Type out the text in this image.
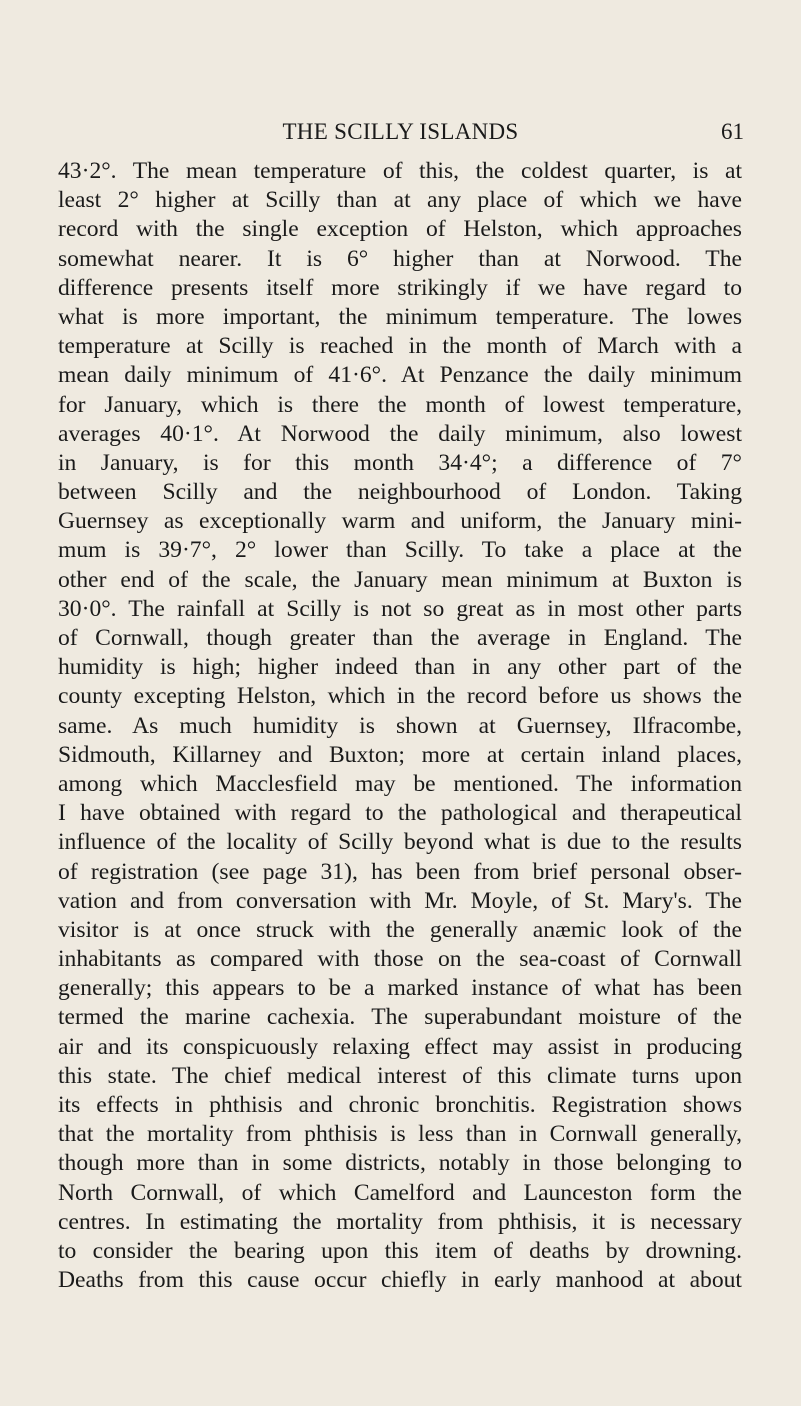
THE SCILLY ISLANDS	61
43·2°. The mean temperature of this, the coldest quarter, is at
least 2° higher at Scilly than at any place of which we have
record with the single exception of Helston, which approaches
somewhat nearer. It is 6° higher than at Norwood. The
difference presents itself more strikingly if we have regard to
what is more important, the minimum temperature. The lowes
temperature at Scilly is reached in the month of March with a
mean daily minimum of 41·6°. At Penzance the daily minimum
for January, which is there the month of lowest temperature,
averages 40·1°. At Norwood the daily minimum, also lowest
in January, is for this month 34·4°; a difference of 7°
between Scilly and the neighbourhood of London. Taking
Guernsey as exceptionally warm and uniform, the January mini-
mum is 39·7°, 2° lower than Scilly. To take a place at the
other end of the scale, the January mean minimum at Buxton is
30·0°. The rainfall at Scilly is not so great as in most other parts
of Cornwall, though greater than the average in England. The
humidity is high; higher indeed than in any other part of the
county excepting Helston, which in the record before us shows the
same. As much humidity is shown at Guernsey, Ilfracombe,
Sidmouth, Killarney and Buxton; more at certain inland places,
among which Macclesfield may be mentioned. The information
I have obtained with regard to the pathological and therapeutical
influence of the locality of Scilly beyond what is due to the results
of registration (see page 31), has been from brief personal obser-
vation and from conversation with Mr. Moyle, of St. Mary's. The
visitor is at once struck with the generally anæmic look of the
inhabitants as compared with those on the sea-coast of Cornwall
generally; this appears to be a marked instance of what has been
termed the marine cachexia. The superabundant moisture of the
air and its conspicuously relaxing effect may assist in producing
this state. The chief medical interest of this climate turns upon
its effects in phthisis and chronic bronchitis. Registration shows
that the mortality from phthisis is less than in Cornwall generally,
though more than in some districts, notably in those belonging to
North Cornwall, of which Camelford and Launceston form the
centres. In estimating the mortality from phthisis, it is necessary
to consider the bearing upon this item of deaths by drowning.
Deaths from this cause occur chiefly in early manhood at about
